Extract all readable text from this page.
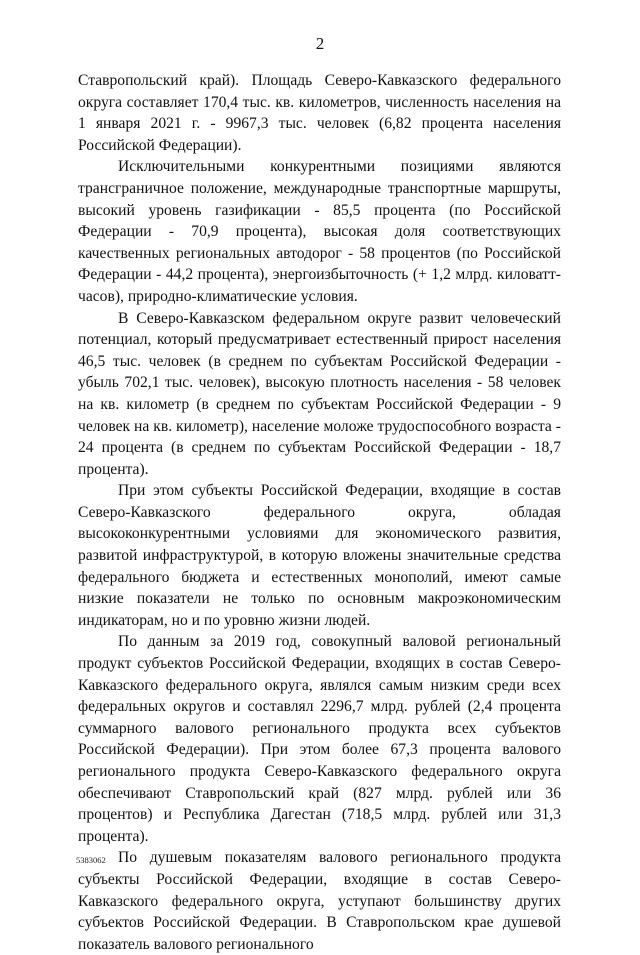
2

Ставропольский край). Площадь Северо-Кавказского федерального округа составляет 170,4 тыс. кв. километров, численность населения на 1 января 2021 г. - 9967,3 тыс. человек (6,82 процента населения Российской Федерации).

Исключительными конкурентными позициями являются трансграничное положение, международные транспортные маршруты, высокий уровень газификации - 85,5 процента (по Российской Федерации - 70,9 процента), высокая доля соответствующих качественных региональных автодорог - 58 процентов (по Российской Федерации - 44,2 процента), энергоизбыточность (+ 1,2 млрд. киловатт-часов), природно-климатические условия.

В Северо-Кавказском федеральном округе развит человеческий потенциал, который предусматривает естественный прирост населения 46,5 тыс. человек (в среднем по субъектам Российской Федерации - убыль 702,1 тыс. человек), высокую плотность населения - 58 человек на кв. километр (в среднем по субъектам Российской Федерации - 9 человек на кв. километр), население моложе трудоспособного возраста - 24 процента (в среднем по субъектам Российской Федерации - 18,7 процента).

При этом субъекты Российской Федерации, входящие в состав Северо-Кавказского федерального округа, обладая высококонкурентными условиями для экономического развития, развитой инфраструктурой, в которую вложены значительные средства федерального бюджета и естественных монополий, имеют самые низкие показатели не только по основным макроэкономическим индикаторам, но и по уровню жизни людей.

По данным за 2019 год, совокупный валовой региональный продукт субъектов Российской Федерации, входящих в состав Северо-Кавказского федерального округа, являлся самым низким среди всех федеральных округов и составлял 2296,7 млрд. рублей (2,4 процента суммарного валового регионального продукта всех субъектов Российской Федерации). При этом более 67,3 процента валового регионального продукта Северо-Кавказского федерального округа обеспечивают Ставропольский край (827 млрд. рублей или 36 процентов) и Республика Дагестан (718,5 млрд. рублей или 31,3 процента).

По душевым показателям валового регионального продукта субъекты Российской Федерации, входящие в состав Северо-Кавказского федерального округа, уступают большинству других субъектов Российской Федерации. В Ставропольском крае душевой показатель валового регионального

5383062
